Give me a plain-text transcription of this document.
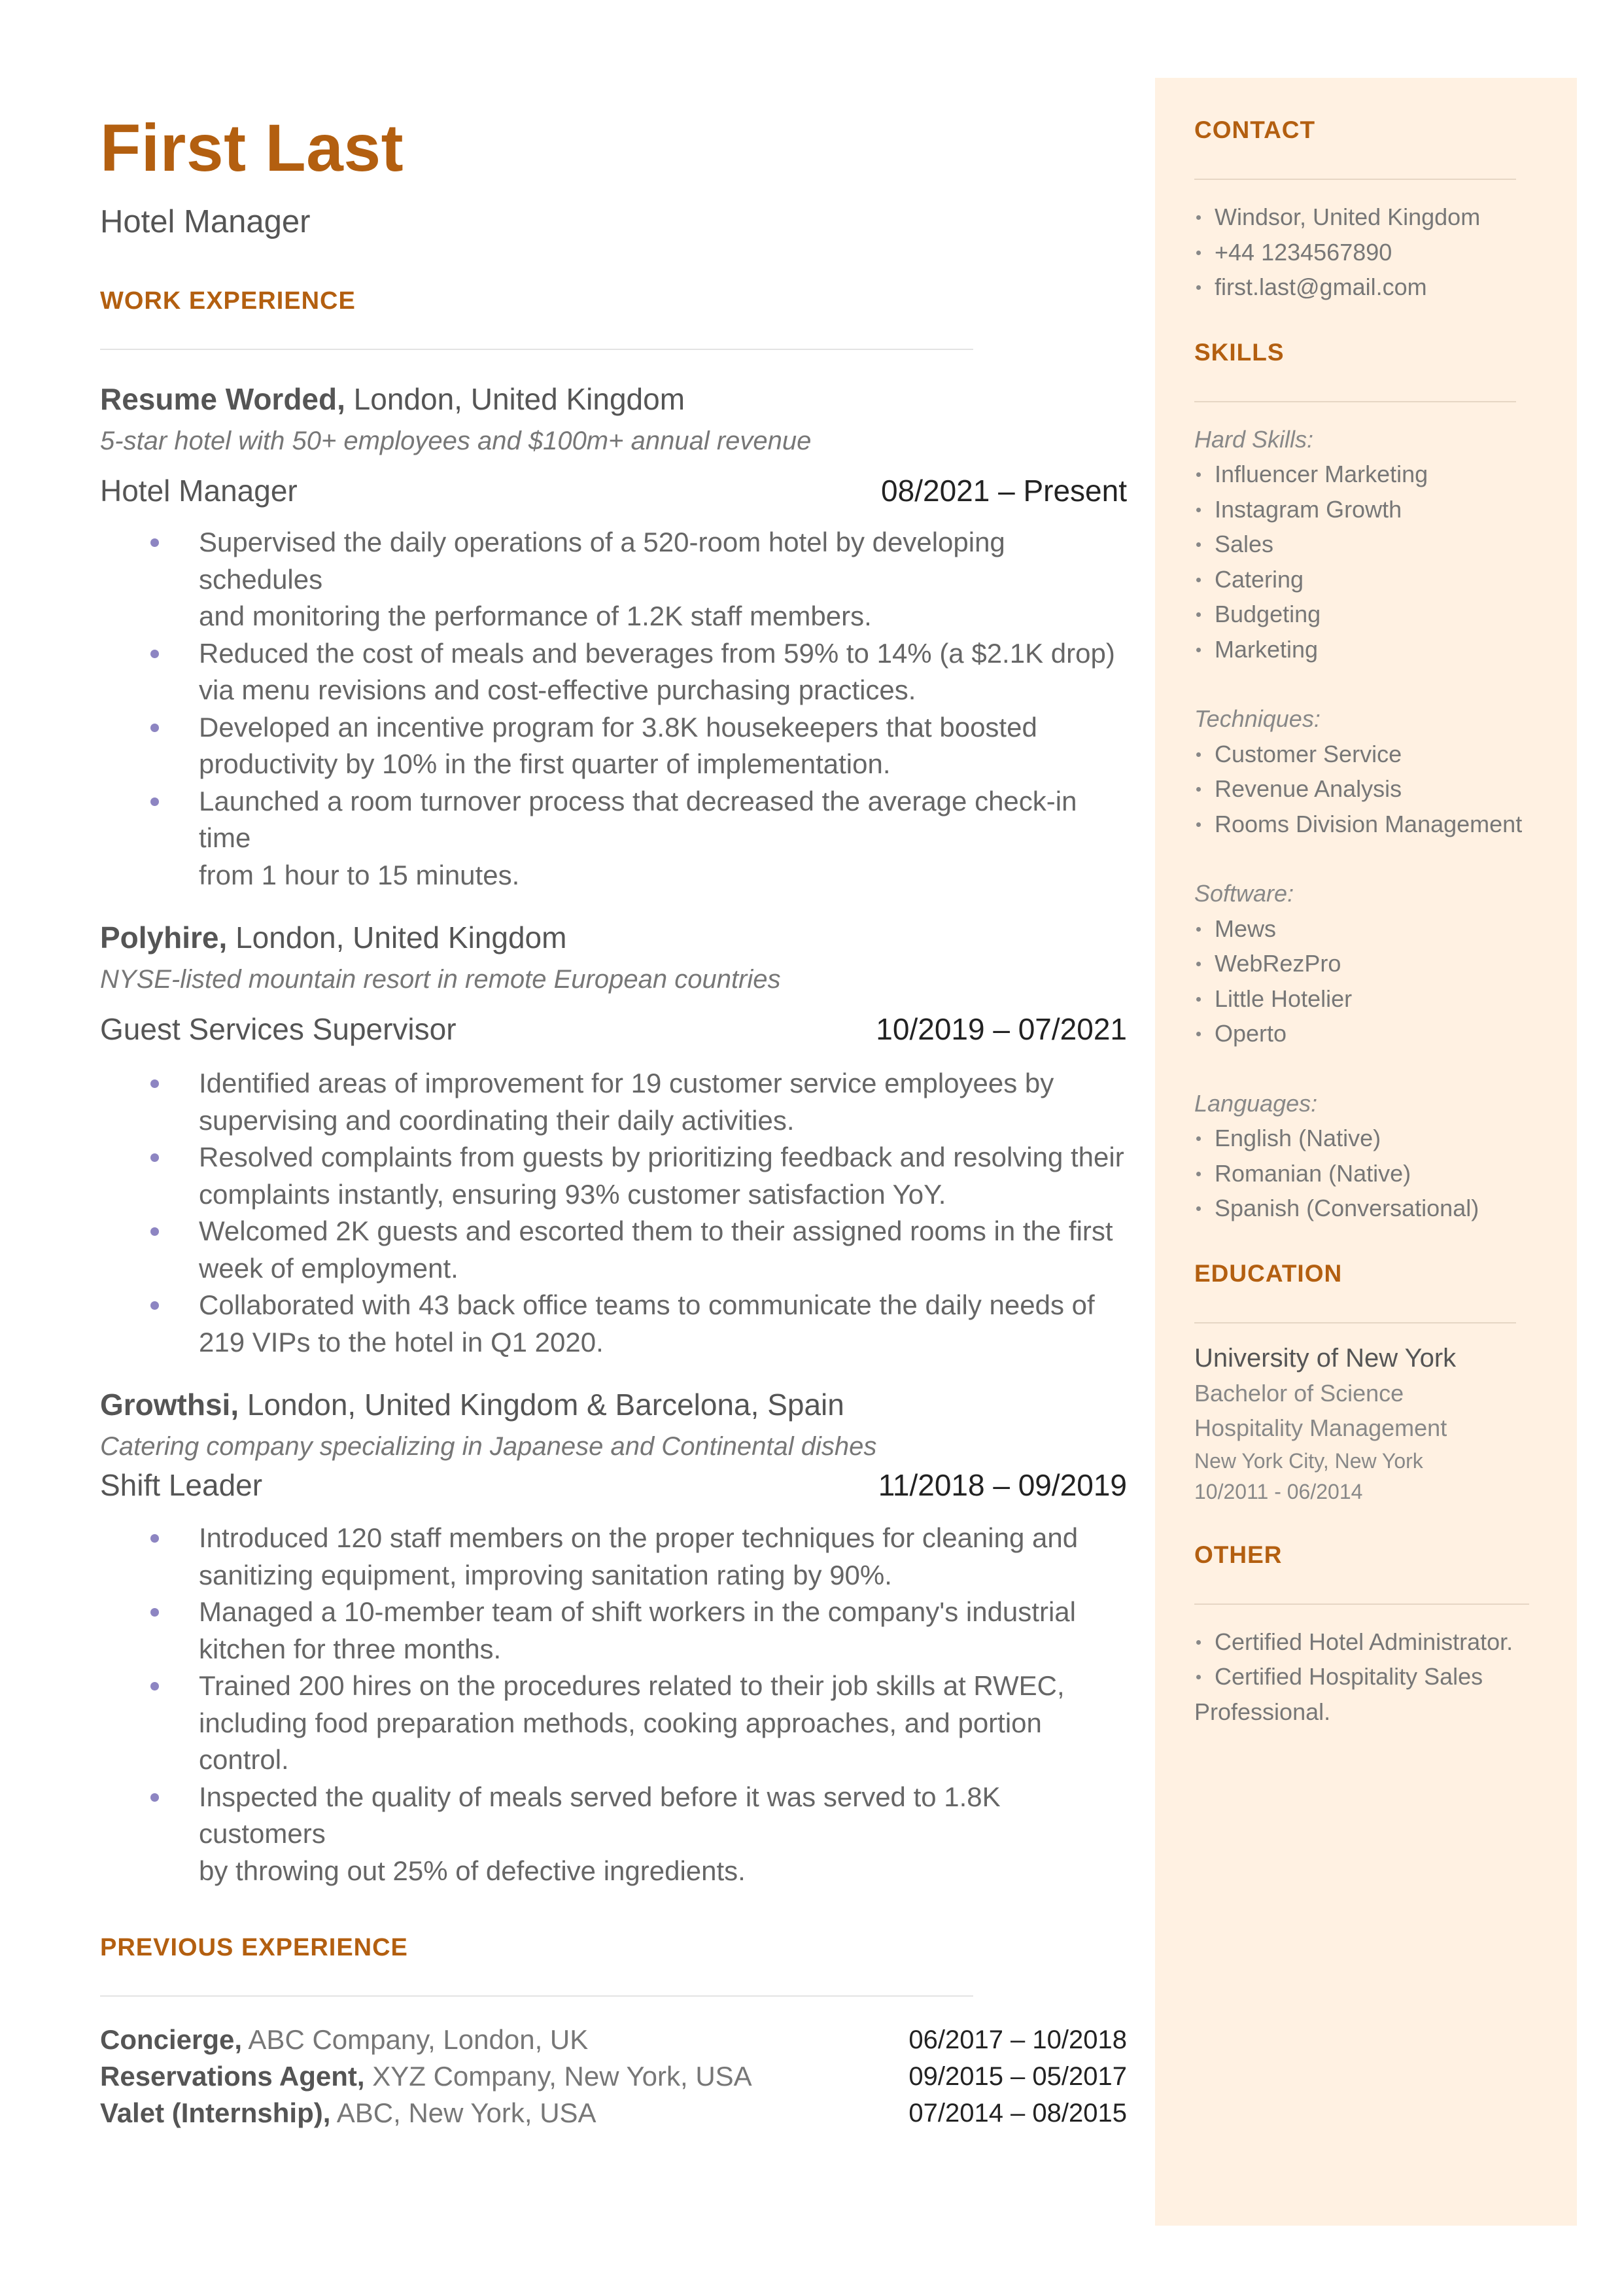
First Last
Hotel Manager
WORK EXPERIENCE
Resume Worded, London, United Kingdom
5-star hotel with 50+ employees and $100m+ annual revenue
Hotel Manager	08/2021 – Present
Supervised the daily operations of a 520-room hotel by developing schedules
and monitoring the performance of 1.2K staff members.
Reduced the cost of meals and beverages from 59% to 14% (a $2.1K drop)
via menu revisions and cost-effective purchasing practices.
Developed an incentive program for 3.8K housekeepers that boosted
productivity by 10% in the first quarter of implementation.
Launched a room turnover process that decreased the average check-in time
from 1 hour to 15 minutes.
Polyhire, London, United Kingdom
NYSE-listed mountain resort in remote European countries
Guest Services Supervisor	10/2019 – 07/2021
Identified areas of improvement for 19 customer service employees by
supervising and coordinating their daily activities.
Resolved complaints from guests by prioritizing feedback and resolving their
complaints instantly, ensuring 93% customer satisfaction YoY.
Welcomed 2K guests and escorted them to their assigned rooms in the first
week of employment.
Collaborated with 43 back office teams to communicate the daily needs of
219 VIPs to the hotel in Q1 2020.
Growthsi, London, United Kingdom & Barcelona, Spain
Catering company specializing in Japanese and Continental dishes
Shift Leader	11/2018 – 09/2019
Introduced 120 staff members on the proper techniques for cleaning and
sanitizing equipment, improving sanitation rating by 90%.
Managed a 10-member team of shift workers in the company's industrial
kitchen for three months.
Trained 200 hires on the procedures related to their job skills at RWEC,
including food preparation methods, cooking approaches, and portion
control.
Inspected the quality of meals served before it was served to 1.8K customers
by throwing out 25% of defective ingredients.
PREVIOUS EXPERIENCE
Concierge, ABC Company, London, UK	06/2017 – 10/2018
Reservations Agent, XYZ Company, New York, USA	09/2015 – 05/2017
Valet (Internship), ABC, New York, USA	07/2014 – 08/2015
CONTACT
Windsor, United Kingdom
+44 1234567890
first.last@gmail.com
SKILLS
Hard Skills:
Influencer Marketing
Instagram Growth
Sales
Catering
Budgeting
Marketing
Techniques:
Customer Service
Revenue Analysis
Rooms Division Management
Software:
Mews
WebRezPro
Little Hotelier
Operto
Languages:
English (Native)
Romanian (Native)
Spanish (Conversational)
EDUCATION
University of New York
Bachelor of Science
Hospitality Management
New York City, New York
10/2011 - 06/2014
OTHER
Certified Hotel Administrator.
Certified Hospitality Sales
Professional.
